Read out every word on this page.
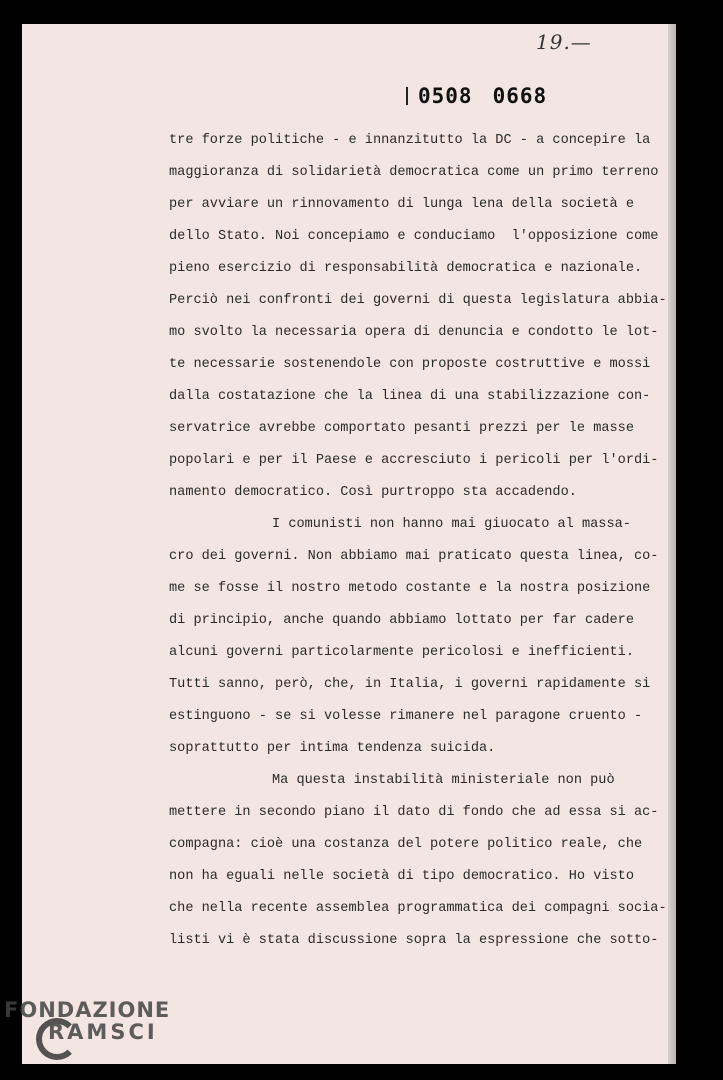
19.—
0508 0668
tre forze politiche - e innanzitutto la DC - a concepire la
maggioranza di solidarietà democratica come un primo terreno
per avviare un rinnovamento di lunga lena della società e
dello Stato. Noi concepiamo e conduciamo  l'opposizione come
pieno esercizio di responsabilità democratica e nazionale.
Perciò nei confronti dei governi di questa legislatura abbia-
mo svolto la necessaria opera di denuncia e condotto le lot-
te necessarie sostenendole con proposte costruttive e mossi
dalla costatazione che la linea di una stabilizzazione con-
servatrice avrebbe comportato pesanti prezzi per le masse
popolari e per il Paese e accresciuto i pericoli per l'ordi-
namento democratico. Così purtroppo sta accadendo.
I comunisti non hanno mai giuocato al massa-
cro dei governi. Non abbiamo mai praticato questa linea, co-
me se fosse il nostro metodo costante e la nostra posizione
di principio, anche quando abbiamo lottato per far cadere
alcuni governi particolarmente pericolosi e inefficienti.
Tutti sanno, però, che, in Italia, i governi rapidamente si
estinguono - se si volesse rimanere nel paragone cruento -
soprattutto per intima tendenza suicida.
Ma questa instabilità ministeriale non può
mettere in secondo piano il dato di fondo che ad essa si ac-
compagna: cioè una costanza del potere politico reale, che
non ha eguali nelle società di tipo democratico. Ho visto
che nella recente assemblea programmatica dei compagni socia-
listi vi è stata discussione sopra la espressione che sotto-
FONDAZIONE
RAMSCI
